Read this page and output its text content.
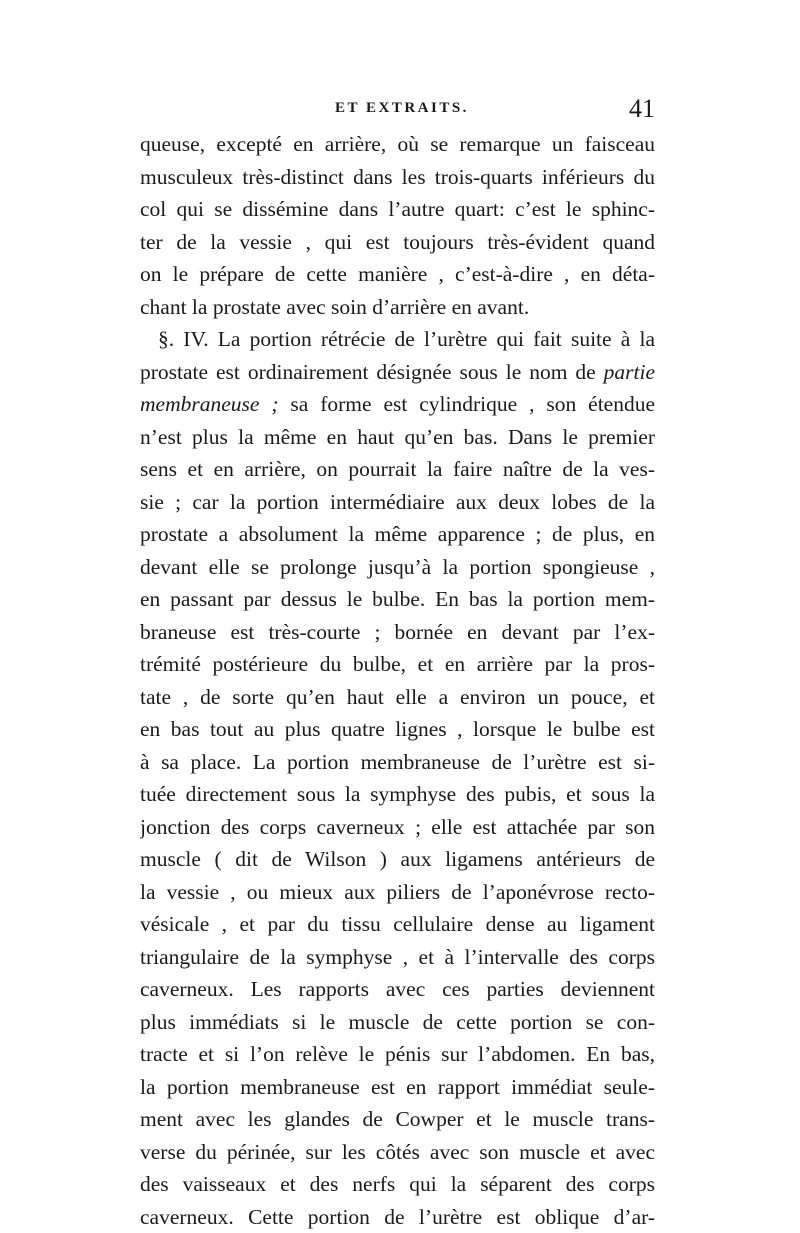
ET EXTRAITS.	41
queuse, excepté en arrière, où se remarque un faisceau
musculeux très-distinct dans les trois-quarts inférieurs du
col qui se dissémine dans l’autre quart: c’est le sphinc-
ter de la vessie , qui est toujours très-évident quand
on le prépare de cette manière , c’est-à-dire , en déta-
chant la prostate avec soin d’arrière en avant.
§. IV. La portion rétrécie de l’urètre qui fait suite à la
prostate est ordinairement désignée sous le nom de partie
membraneuse ; sa forme est cylindrique , son étendue
n’est plus la même en haut qu’en bas. Dans le premier
sens et en arrière, on pourrait la faire naître de la ves-
sie ; car la portion intermédiaire aux deux lobes de la
prostate a absolument la même apparence ; de plus, en
devant elle se prolonge jusqu’à la portion spongieuse ,
en passant par dessus le bulbe. En bas la portion mem-
braneuse est très-courte ; bornée en devant par l’ex-
trémité postérieure du bulbe, et en arrière par la pros-
tate , de sorte qu’en haut elle a environ un pouce, et
en bas tout au plus quatre lignes , lorsque le bulbe est
à sa place. La portion membraneuse de l’urètre est si-
tuée directement sous la symphyse des pubis, et sous la
jonction des corps caverneux ; elle est attachée par son
muscle ( dit de Wilson ) aux ligamens antérieurs de
la vessie , ou mieux aux piliers de l’aponévrose recto-
vésicale , et par du tissu cellulaire dense au ligament
triangulaire de la symphyse , et à l’intervalle des corps
caverneux. Les rapports avec ces parties deviennent
plus immédiats si le muscle de cette portion se con-
tracte et si l’on relève le pénis sur l’abdomen. En bas,
la portion membraneuse est en rapport immédiat seule-
ment avec les glandes de Cowper et le muscle trans-
verse du périnée, sur les côtés avec son muscle et avec
des vaisseaux et des nerfs qui la séparent des corps
caverneux. Cette portion de l’urètre est oblique d’ar-
